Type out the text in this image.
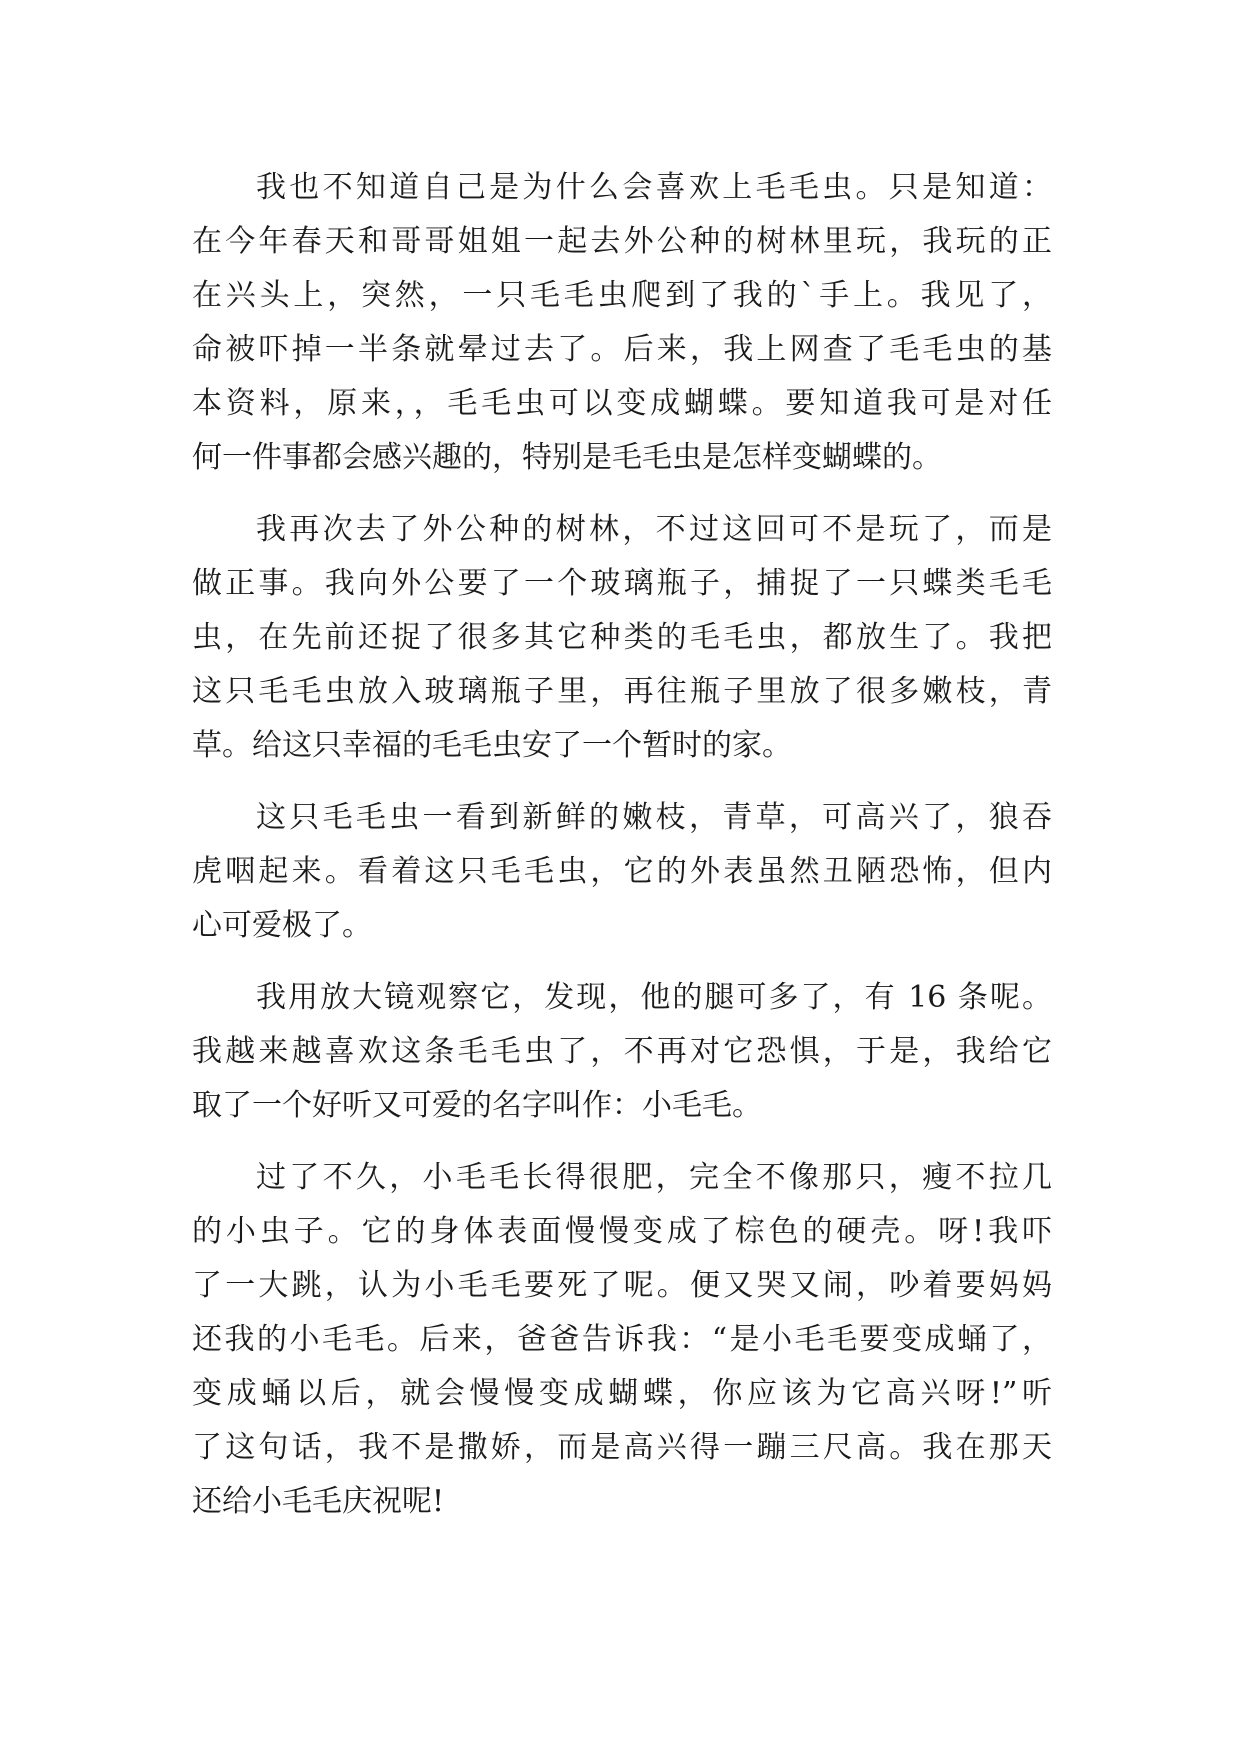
我也不知道自己是为什么会喜欢上毛毛虫。只是知道：
在今年春天和哥哥姐姐一起去外公种的树林里玩，我玩的正
在兴头上，突然，一只毛毛虫爬到了我的`手上。我见了，
命被吓掉一半条就晕过去了。后来，我上网查了毛毛虫的基
本资料，原来，，毛毛虫可以变成蝴蝶。要知道我可是对任
何一件事都会感兴趣的，特别是毛毛虫是怎样变蝴蝶的。
我再次去了外公种的树林，不过这回可不是玩了，而是
做正事。我向外公要了一个玻璃瓶子，捕捉了一只蝶类毛毛
虫，在先前还捉了很多其它种类的毛毛虫，都放生了。我把
这只毛毛虫放入玻璃瓶子里，再往瓶子里放了很多嫩枝，青
草。给这只幸福的毛毛虫安了一个暂时的家。
这只毛毛虫一看到新鲜的嫩枝，青草，可高兴了，狼吞
虎咽起来。看着这只毛毛虫，它的外表虽然丑陋恐怖，但内
心可爱极了。
我用放大镜观察它，发现，他的腿可多了，有 16 条呢。
我越来越喜欢这条毛毛虫了，不再对它恐惧，于是，我给它
取了一个好听又可爱的名字叫作：小毛毛。
过了不久，小毛毛长得很肥，完全不像那只，瘦不拉几
的小虫子。它的身体表面慢慢变成了棕色的硬壳。呀!我吓
了一大跳，认为小毛毛要死了呢。便又哭又闹，吵着要妈妈
还我的小毛毛。后来，爸爸告诉我：“是小毛毛要变成蛹了，
变成蛹以后，就会慢慢变成蝴蝶，你应该为它高兴呀!”听
了这句话，我不是撒娇，而是高兴得一蹦三尺高。我在那天
还给小毛毛庆祝呢!
